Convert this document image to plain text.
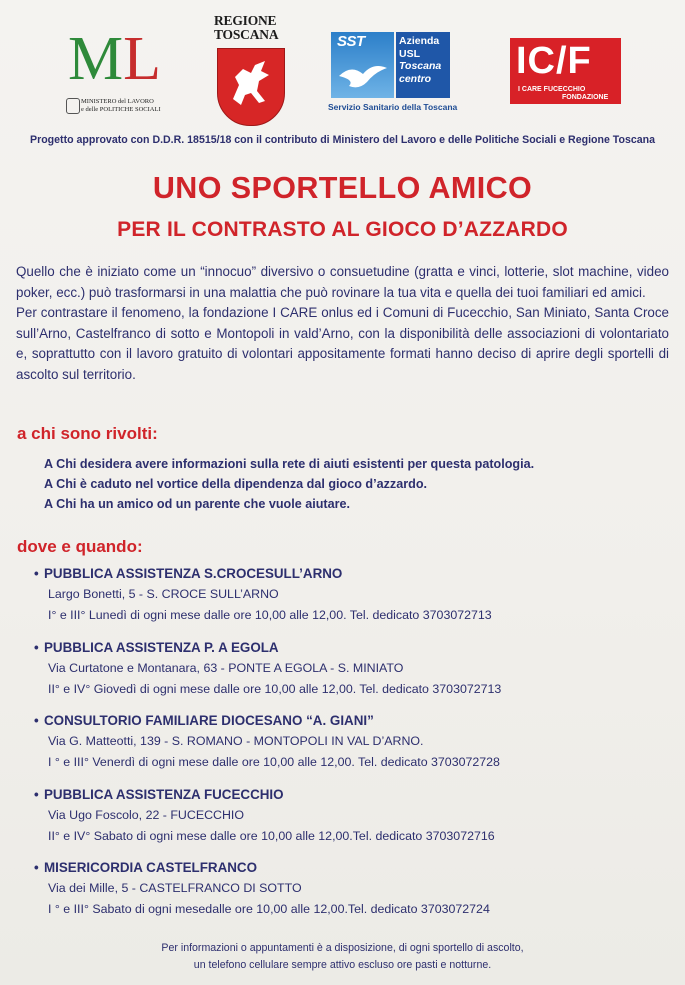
ML
MINISTERO del LAVORO
e delle POLITICHE SOCIALI
REGIONE
TOSCANA	SST	Azienda
USL
Toscana
centro
Servizio Sanitario della Toscana
IC/F
I CARE FUCECCHIO
FONDAZIONE
Progetto approvato con D.D.R. 18515/18 con il contributo di Ministero del Lavoro e delle Politiche Sociali e Regione Toscana
UNO SPORTELLO AMICO
PER IL CONTRASTO AL GIOCO D’AZZARDO

Quello che è iniziato come un “innocuo” diversivo o consuetudine (gratta e vinci, lotterie, slot machine, video poker, ecc.) può trasformarsi in una malattia che può rovinare la tua vita e quella dei tuoi familiari ed amici.

Per contrastare il fenomeno, la fondazione I CARE onlus ed i Comuni di Fucecchio, San Miniato, Santa Croce sull’Arno, Castelfranco di sotto e Montopoli in vald’Arno, con la disponibilità delle associazioni di volontariato e, soprattutto con il lavoro gratuito di volontari appositamente formati hanno deciso di aprire degli sportelli di ascolto sul territorio.

a chi sono rivolti:
A Chi desidera avere informazioni sulla rete di aiuti esistenti per questa patologia.
A Chi è caduto nel vortice della dipendenza dal gioco d’azzardo.
A Chi ha un amico od un parente che vuole aiutare.
dove e quando:
• PUBBLICA ASSISTENZA S.CROCESULL’ARNO
Largo Bonetti, 5 - S. CROCE SULL’ARNO
I° e III° Lunedì di ogni mese dalle ore 10,00 alle 12,00. Tel. dedicato 3703072713
• PUBBLICA ASSISTENZA P. A EGOLA
Via Curtatone e Montanara, 63 - PONTE A EGOLA - S. MINIATO
II° e IV° Giovedì di ogni mese dalle ore 10,00 alle 12,00. Tel. dedicato 3703072713
• CONSULTORIO FAMILIARE DIOCESANO “A. GIANI”
Via G. Matteotti, 139 - S. ROMANO - MONTOPOLI IN VAL D’ARNO.
I ° e III° Venerdì di ogni mese dalle ore 10,00 alle 12,00. Tel. dedicato 3703072728
• PUBBLICA ASSISTENZA FUCECCHIO
Via Ugo Foscolo, 22 - FUCECCHIO
II° e IV° Sabato di ogni mese dalle ore 10,00 alle 12,00.Tel. dedicato 3703072716
• MISERICORDIA CASTELFRANCO
Via dei Mille, 5 - CASTELFRANCO DI SOTTO
I ° e III° Sabato di ogni mesedalle ore 10,00 alle 12,00.Tel. dedicato 3703072724
Per informazioni o appuntamenti è a disposizione, di ogni sportello di ascolto,
un telefono cellulare sempre attivo escluso ore pasti e notturne.
